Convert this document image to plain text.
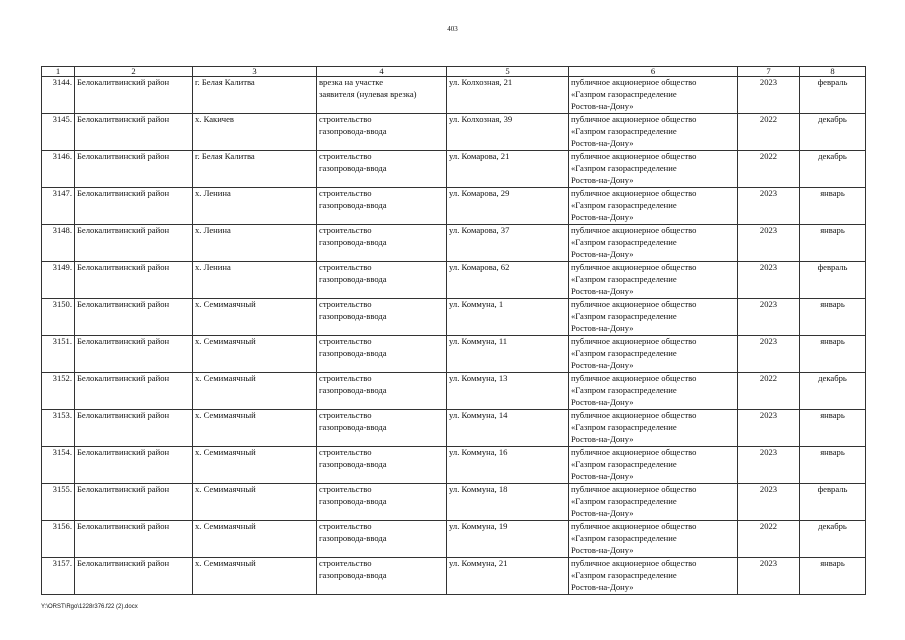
403
1	2	3	4	5	6	7	8
3144.	Белокалитвинский район	г. Белая Калитва	врезка на участке
заявителя (нулевая врезка)	ул. Колхозная, 21	публичное акционерное общество
«Газпром газораспределение
Ростов-на-Дону»	2023	февраль
3145.	Белокалитвинский район	х. Какичев	строительство
газопровода-ввода	ул. Колхозная, 39	публичное акционерное общество
«Газпром газораспределение
Ростов-на-Дону»	2022	декабрь
3146.	Белокалитвинский район	г. Белая Калитва	строительство
газопровода-ввода	ул. Комарова, 21	публичное акционерное общество
«Газпром газораспределение
Ростов-на-Дону»	2022	декабрь
3147.	Белокалитвинский район	х. Ленина	строительство
газопровода-ввода	ул. Комарова, 29	публичное акционерное общество
«Газпром газораспределение
Ростов-на-Дону»	2023	январь
3148.	Белокалитвинский район	х. Ленина	строительство
газопровода-ввода	ул. Комарова, 37	публичное акционерное общество
«Газпром газораспределение
Ростов-на-Дону»	2023	январь
3149.	Белокалитвинский район	х. Ленина	строительство
газопровода-ввода	ул. Комарова, 62	публичное акционерное общество
«Газпром газораспределение
Ростов-на-Дону»	2023	февраль
3150.	Белокалитвинский район	х. Семимаячный	строительство
газопровода-ввода	ул. Коммуна, 1	публичное акционерное общество
«Газпром газораспределение
Ростов-на-Дону»	2023	январь
3151.	Белокалитвинский район	х. Семимаячный	строительство
газопровода-ввода	ул. Коммуна, 11	публичное акционерное общество
«Газпром газораспределение
Ростов-на-Дону»	2023	январь
3152.	Белокалитвинский район	х. Семимаячный	строительство
газопровода-ввода	ул. Коммуна, 13	публичное акционерное общество
«Газпром газораспределение
Ростов-на-Дону»	2022	декабрь
3153.	Белокалитвинский район	х. Семимаячный	строительство
газопровода-ввода	ул. Коммуна, 14	публичное акционерное общество
«Газпром газораспределение
Ростов-на-Дону»	2023	январь
3154.	Белокалитвинский район	х. Семимаячный	строительство
газопровода-ввода	ул. Коммуна, 16	публичное акционерное общество
«Газпром газораспределение
Ростов-на-Дону»	2023	январь
3155.	Белокалитвинский район	х. Семимаячный	строительство
газопровода-ввода	ул. Коммуна, 18	публичное акционерное общество
«Газпром газораспределение
Ростов-на-Дону»	2023	февраль
3156.	Белокалитвинский район	х. Семимаячный	строительство
газопровода-ввода	ул. Коммуна, 19	публичное акционерное общество
«Газпром газораспределение
Ростов-на-Дону»	2022	декабрь
3157.	Белокалитвинский район	х. Семимаячный	строительство
газопровода-ввода	ул. Коммуна, 21	публичное акционерное общество
«Газпром газораспределение
Ростов-на-Дону»	2023	январь
Y:\ORST\Rgo\1228r376.f22 (2).docx
